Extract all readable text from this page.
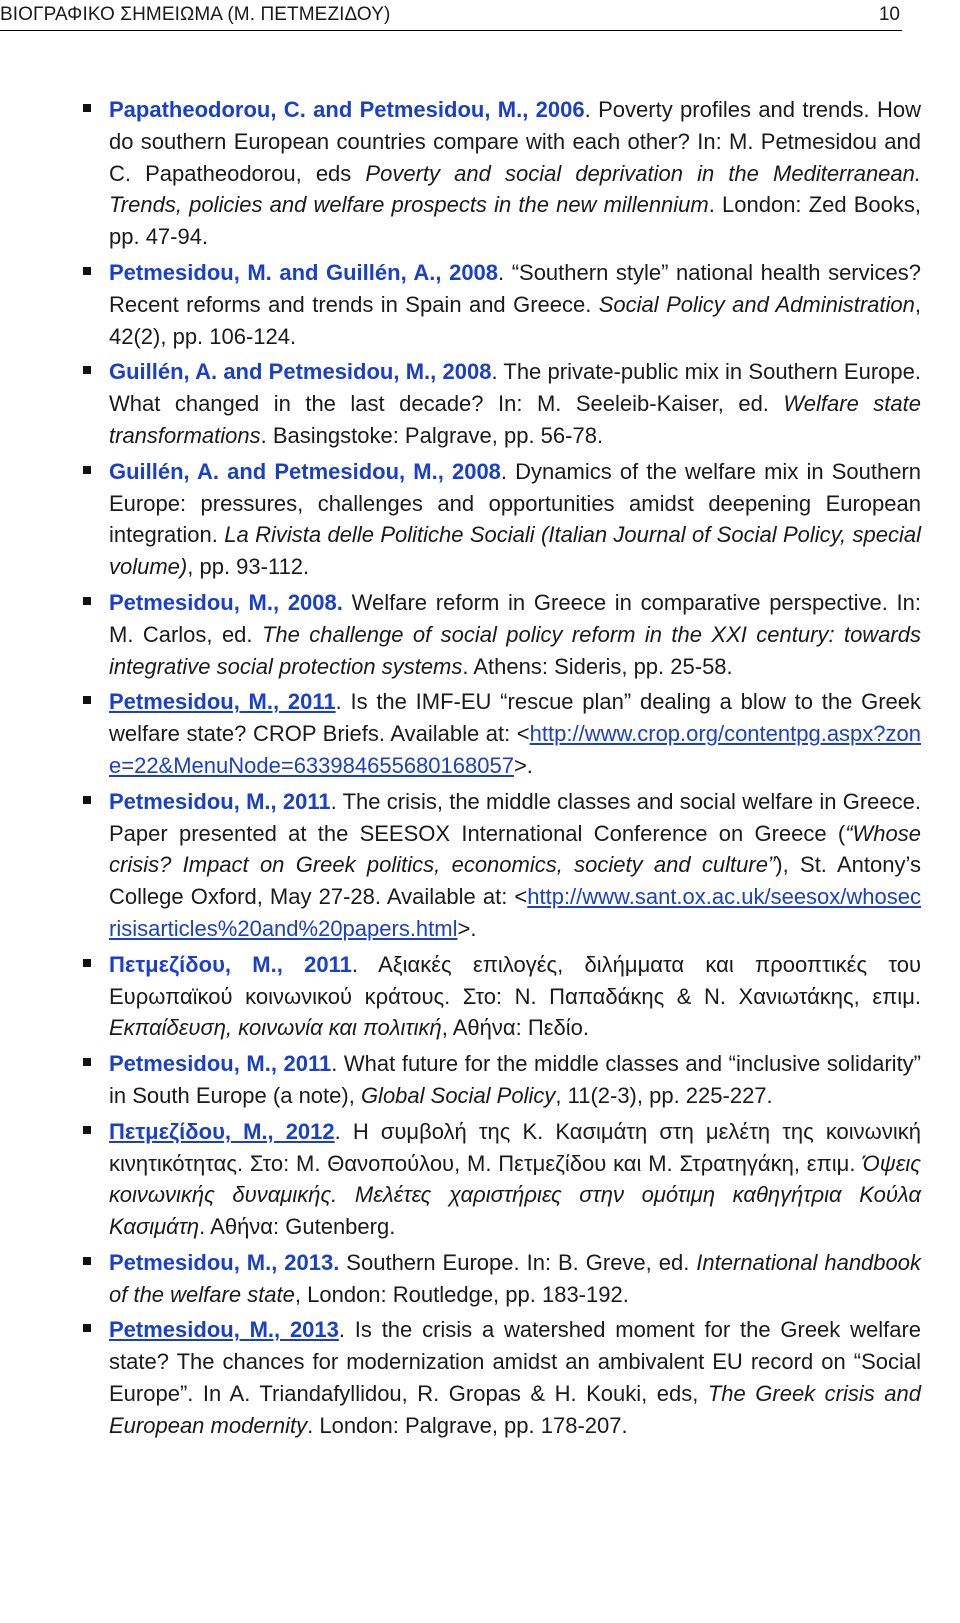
ΒΙΟΓΡΑΦΙΚΟ ΣΗΜΕΙΩΜΑ (Μ. ΠΕΤΜΕΖΙΔΟΥ)	10
Papatheodorou, C. and Petmesidou, M., 2006. Poverty profiles and trends. How do southern European countries compare with each other? In: M. Petmesidou and C. Papatheodorou, eds Poverty and social deprivation in the Mediterranean. Trends, policies and welfare prospects in the new millennium. London: Zed Books, pp. 47-94.
Petmesidou, M. and Guillén, A., 2008. “Southern style” national health services? Recent reforms and trends in Spain and Greece. Social Policy and Administration, 42(2), pp. 106-124.
Guillén, A. and Petmesidou, M., 2008. The private-public mix in Southern Europe. What changed in the last decade? In: M. Seeleib-Kaiser, ed. Welfare state transformations. Basingstoke: Palgrave, pp. 56-78.
Guillén, A. and Petmesidou, M., 2008. Dynamics of the welfare mix in Southern Europe: pressures, challenges and opportunities amidst deepening European integration. La Rivista delle Politiche Sociali (Italian Journal of Social Policy, special volume), pp. 93-112.
Petmesidou, M., 2008. Welfare reform in Greece in comparative perspective. In: M. Carlos, ed. The challenge of social policy reform in the XXI century: towards integrative social protection systems. Athens: Sideris, pp. 25-58.
Petmesidou, M., 2011. Is the IMF-EU “rescue plan” dealing a blow to the Greek welfare state? CROP Briefs. Available at: <http://www.crop.org/contentpg.aspx?zone=22&MenuNode=633984655680168057>.
Petmesidou, M., 2011. The crisis, the middle classes and social welfare in Greece. Paper presented at the SEESOX International Conference on Greece (“Whose crisis? Impact on Greek politics, economics, society and culture”), St. Antony’s College Oxford, May 27-28. Available at: <http://www.sant.ox.ac.uk/seesox/whosecrisisarticles%20and%20papers.html>.
Πετμεζίδου, Μ., 2011. Αξιακές επιλογές, διλήμματα και προοπτικές του Ευρωπαϊκού κοινωνικού κράτους. Στο: Ν. Παπαδάκης & Ν. Χανιωτάκης, επιμ. Εκπαίδευση, κοινωνία και πολιτική, Αθήνα: Πεδίο.
Petmesidou, M., 2011. What future for the middle classes and “inclusive solidarity” in South Europe (a note), Global Social Policy, 11(2-3), pp. 225-227.
Πετμεζίδου, Μ., 2012. Η συμβολή της Κ. Κασιμάτη στη μελέτη της κοινωνική κινητικότητας. Στο: Μ. Θανοπούλου, Μ. Πετμεζίδου και Μ. Στρατηγάκη, επιμ. Όψεις κοινωνικής δυναμικής. Μελέτες χαριστήριες στην ομότιμη καθηγήτρια Κούλα Κασιμάτη. Αθήνα: Gutenberg.
Petmesidou, M., 2013. Southern Europe. In: B. Greve, ed. International handbook of the welfare state, London: Routledge, pp. 183-192.
Petmesidou, M., 2013. Is the crisis a watershed moment for the Greek welfare state? The chances for modernization amidst an ambivalent EU record on “Social Europe”. In A. Triandafyllidou, R. Gropas & H. Kouki, eds, The Greek crisis and European modernity. London: Palgrave, pp. 178-207.
